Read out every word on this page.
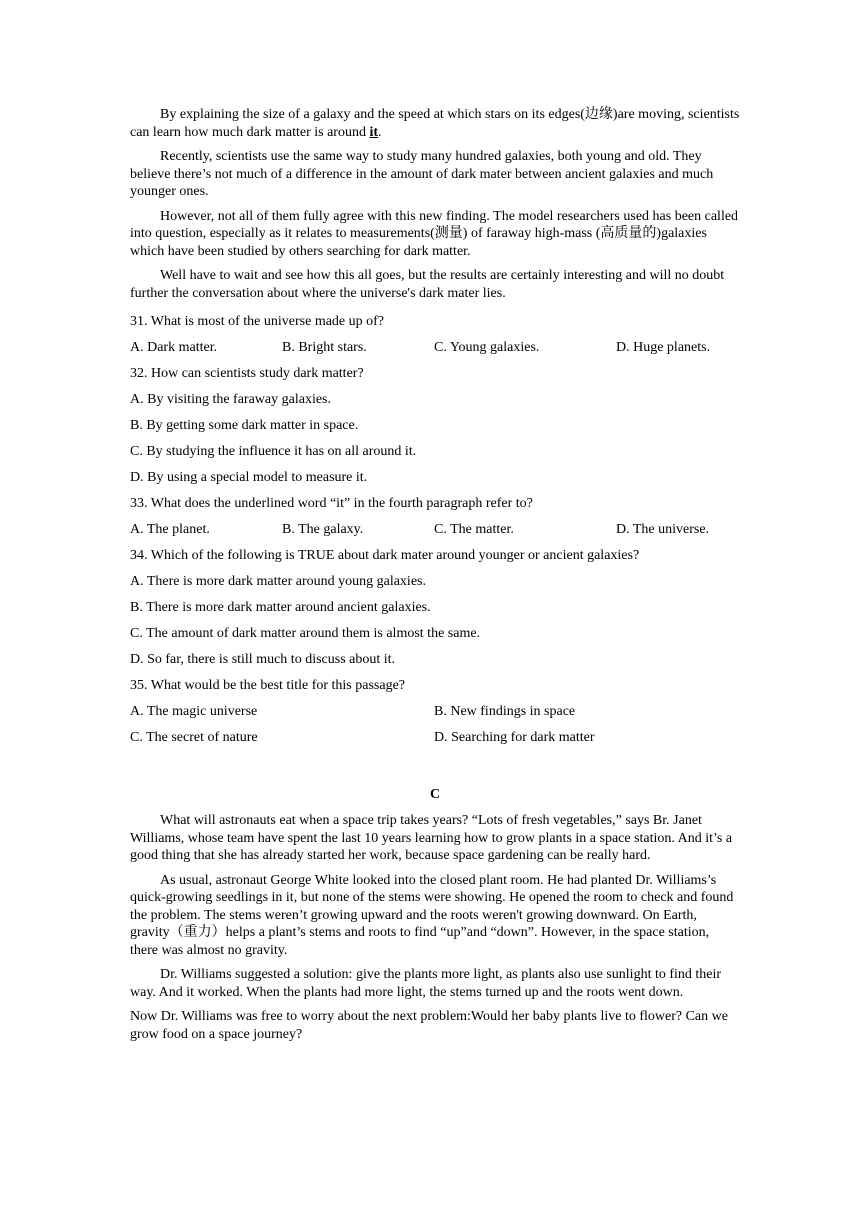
By explaining the size of a galaxy and the speed at which stars on its edges(边缘)are moving, scientists can learn how much dark matter is around it.

Recently, scientists use the same way to study many hundred galaxies, both young and old. They believe there’s not much of a difference in the amount of dark mater between ancient galaxies and much younger ones.

However, not all of them fully agree with this new finding. The model researchers used has been called into question, especially as it relates to measurements(测量) of faraway high-mass (高质量的)galaxies which have been studied by others searching for dark matter.

Well have to wait and see how this all goes, but the results are certainly interesting and will no doubt further the conversation about where the universe's dark mater lies.

31. What is most of the universe made up of?

A. Dark matter.	B. Bright stars.	C. Young galaxies.	D. Huge planets.

32. How can scientists study dark matter?

A. By visiting the faraway galaxies.

B. By getting some dark matter in space.

C. By studying the influence it has on all around it.

D. By using a special model to measure it.

33. What does the underlined word “it” in the fourth paragraph refer to?

A. The planet.	B. The galaxy.	C. The matter.	D. The universe.

34. Which of the following is TRUE about dark mater around younger or ancient galaxies?

A. There is more dark matter around young galaxies.

B. There is more dark matter around ancient galaxies.

C. The amount of dark matter around them is almost the same.

D. So far, there is still much to discuss about it.

35. What would be the best title for this passage?

A. The magic universe	B. New findings in space
C. The secret of nature	D. Searching for dark matter
C

What will astronauts eat when a space trip takes years? “Lots of fresh vegetables,” says Br. Janet Williams, whose team have spent the last 10 years learning how to grow plants in a space station. And it’s a good thing that she has already started her work, because space gardening can be really hard.

As usual, astronaut George White looked into the closed plant room. He had planted Dr. Williams’s quick-growing seedlings in it, but none of the stems were showing. He opened the room to check and found the problem. The stems weren’t growing upward and the roots weren't growing downward. On Earth, gravity（重力）helps a plant’s stems and roots to find “up”and “down”. However, in the space station, there was almost no gravity.

Dr. Williams suggested a solution: give the plants more light, as plants also use sunlight to find their way. And it worked. When the plants had more light, the stems turned up and the roots went down.

Now Dr. Williams was free to worry about the next problem:Would her baby plants live to flower? Can we grow food on a space journey?
